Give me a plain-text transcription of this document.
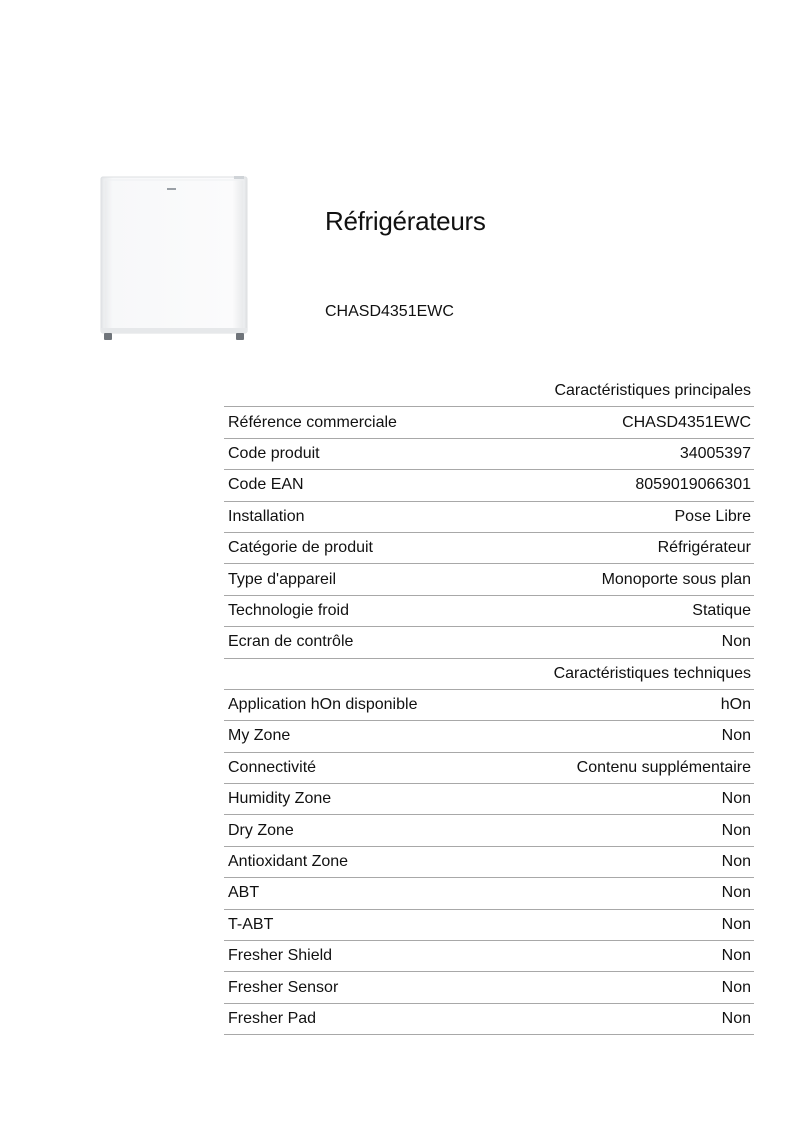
Réfrigérateurs
CHASD4351EWC
Caractéristiques principales
Référence commerciale	CHASD4351EWC
Code produit	34005397
Code EAN	8059019066301
Installation	Pose Libre
Catégorie de produit	Réfrigérateur
Type d'appareil	Monoporte sous plan
Technologie froid	Statique
Ecran de contrôle	Non
Caractéristiques techniques
Application hOn disponible	hOn
My Zone	Non
Connectivité	Contenu supplémentaire
Humidity Zone	Non
Dry Zone	Non
Antioxidant Zone	Non
ABT	Non
T-ABT	Non
Fresher Shield	Non
Fresher Sensor	Non
Fresher Pad	Non
